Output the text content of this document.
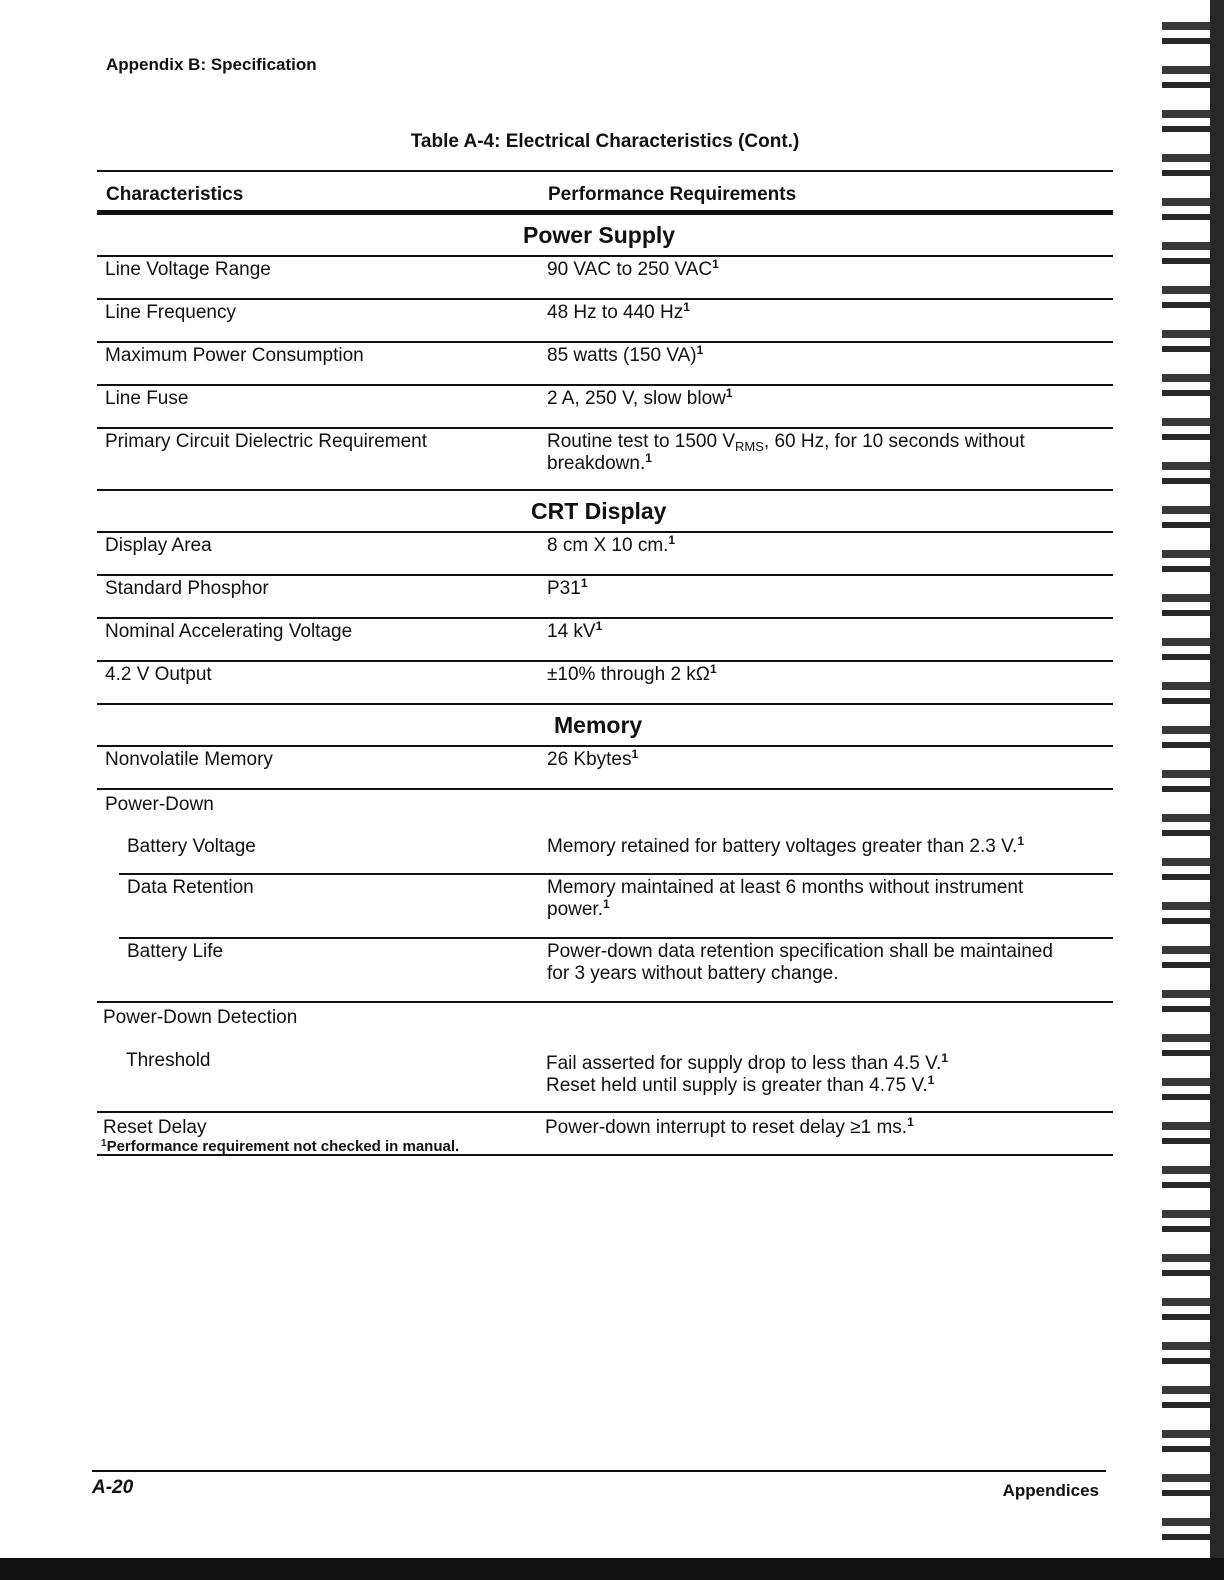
Appendix B: Specification
Table A-4: Electrical Characteristics (Cont.)
Characteristics	Performance Requirements
Power Supply
Line Voltage Range	90 VAC to 250 VAC$^1$
Line Frequency	48 Hz to 440 Hz$^1$
Maximum Power Consumption	85 watts (150 VA)$^1$
Line Fuse	2 A, 250 V, slow blow$^1$
Primary Circuit Dielectric Requirement	Routine test to 1500 $V_{RMS}$, 60 Hz, for 10 seconds without
breakdown.$^1$
CRT Display
Display Area	8 cm X 10 cm.$^1$
Standard Phosphor	$P31^1$
Nominal Accelerating Voltage	14 $kV^1$
4.2 V Output	±10% through 2 $k\Omega^1$
Memory
Nonvolatile Memory	26 Kbytes$^1$
Power-Down
Battery Voltage	Memory retained for battery voltages greater than 2.3 V.$^1$
Data Retention	Memory maintained at least 6 months without instrument
power.$^1$
Battery Life	Power-down data retention specification shall be maintained
for 3 years without battery change.
Power-Down Detection
Threshold	Fail asserted for supply drop to less than 4.5 V.$^1$
Reset held until supply is greater than 4.75 V.$^1$
Reset Delay	Power-down interrupt to reset delay ≥1 ms.$^1$
$^1$Performance requirement not checked in manual.
A-20	Appendices
